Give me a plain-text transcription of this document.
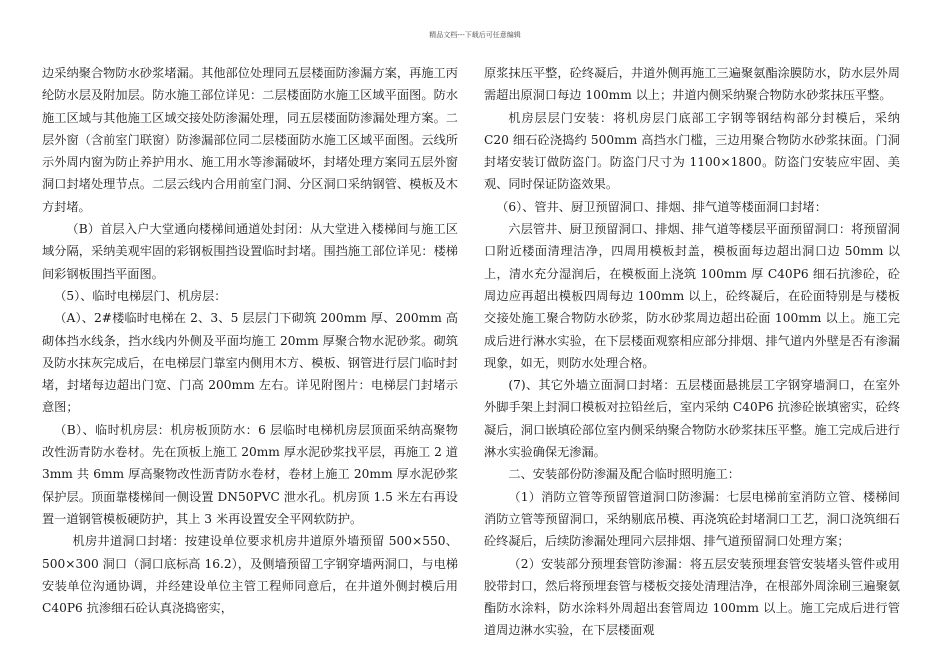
精品文档---下载后可任意编辑

边采纳聚合物防水砂浆堵漏。其他部位处理同五层楼面防渗漏方案，再施工丙纶防水层及附加层。防水施工部位详见：二层楼面防水施工区域平面图。防水施工区域与其他施工区域交接处防渗漏处理，同五层楼面防渗漏处理方案。二层外窗（含前室门联窗）防渗漏部位同二层楼面防水施工区域平面图。云线所示外周内窗为防止养护用水、施工用水等渗漏破坏，封堵处理方案同五层外窗洞口封堵处理节点。二层云线内合用前室门洞、分区洞口采纳钢管、模板及木方封堵。

（B）首层入户大堂通向楼梯间通道处封闭：从大堂进入楼梯间与施工区域分隔，采纳美观牢固的彩钢板围挡设置临时封堵。围挡施工部位详见：楼梯间彩钢板围挡平面图。

（5）、临时电梯层门、机房层：

（A）、2#楼临时电梯在 2、3、5 层层门下砌筑 200mm 厚、200mm 高砌体挡水线条，挡水线内外侧及平面均施工 20mm 厚聚合物水泥砂浆。砌筑及防水抹灰完成后，在电梯层门靠室内侧用木方、模板、钢管进行层门临时封堵，封堵每边超出门宽、门高 200mm 左右。详见附图片：电梯层门封堵示意图；

（B）、临时机房层：机房板顶防水：6 层临时电梯机房层顶面采纳高聚物改性沥青防水卷材。先在顶板上施工 20mm 厚水泥砂浆找平层，再施工 2 道 3mm 共 6mm 厚高聚物改性沥青防水卷材，卷材上施工 20mm 厚水泥砂浆保护层。顶面靠楼梯间一侧设置 DN50PVC 泄水孔。机房顶 1.5 米左右再设置一道钢管模板硬防护，其上 3 米再设置安全平网软防护。

机房井道洞口封堵：按建设单位要求机房井道原外墙预留 500×550、500×300 洞口（洞口底标高 16.2），及侧墙预留工字钢穿墙两洞口，与电梯安装单位沟通协调，并经建设单位主管工程师同意后，在井道外侧封模后用 C40P6 抗渗细石砼认真浇捣密实，

原浆抹压平整，砼终凝后，井道外侧再施工三遍聚氨酯涂膜防水，防水层外周需超出原洞口每边 100mm 以上；井道内侧采纳聚合物防水砂浆抹压平整。

机房层层门安装：将机房层门底部工字钢等钢结构部分封模后，采纳 C20 细石砼浇捣约 500mm 高挡水门槛，三边用聚合物防水砂浆抹面。门洞封堵安装订做防盗门。防盗门尺寸为 1100×1800。防盗门安装应牢固、美观、同时保证防盗效果。

（6）、管井、厨卫预留洞口、排烟、排气道等楼面洞口封堵：

六层管井、厨卫预留洞口、排烟、排气道等楼层平面预留洞口：将预留洞口附近楼面清理洁净，四周用模板封盖，模板面每边超出洞口边 50mm 以上，清水充分湿润后，在模板面上浇筑 100mm 厚 C40P6 细石抗渗砼，砼周边应再超出模板四周每边 100mm 以上，砼终凝后，在砼面特别是与楼板交接处施工聚合物防水砂浆，防水砂浆周边超出砼面 100mm 以上。施工完成后进行淋水实验，在下层楼面观察相应部分排烟、排气道内外壁是否有渗漏现象，如无，则防水处理合格。

(7)、其它外墙立面洞口封堵：五层楼面悬挑层工字钢穿墙洞口，在室外外脚手架上封洞口模板对拉铅丝后，室内采纳 C40P6 抗渗砼嵌填密实，砼终凝后，洞口嵌填砼部位室内侧采纳聚合物防水砂浆抹压平整。施工完成后进行淋水实验确保无渗漏。

二、安装部份防渗漏及配合临时照明施工：

（1）消防立管等预留管道洞口防渗漏：七层电梯前室消防立管、楼梯间消防立管等预留洞口，采纳剔底吊模、再浇筑砼封堵洞口工艺，洞口浇筑细石砼终凝后，后续防渗漏处理同六层排烟、排气道预留洞口处理方案；

（2）安装部分预埋套管防渗漏：将五层安装预埋套管安装堵头管件或用胶带封口，然后将预埋套管与楼板交接处清理洁净，在根部外周涂刷三遍聚氨酯防水涂料，防水涂料外周超出套管周边 100mm 以上。施工完成后进行管道周边淋水实验，在下层楼面观
